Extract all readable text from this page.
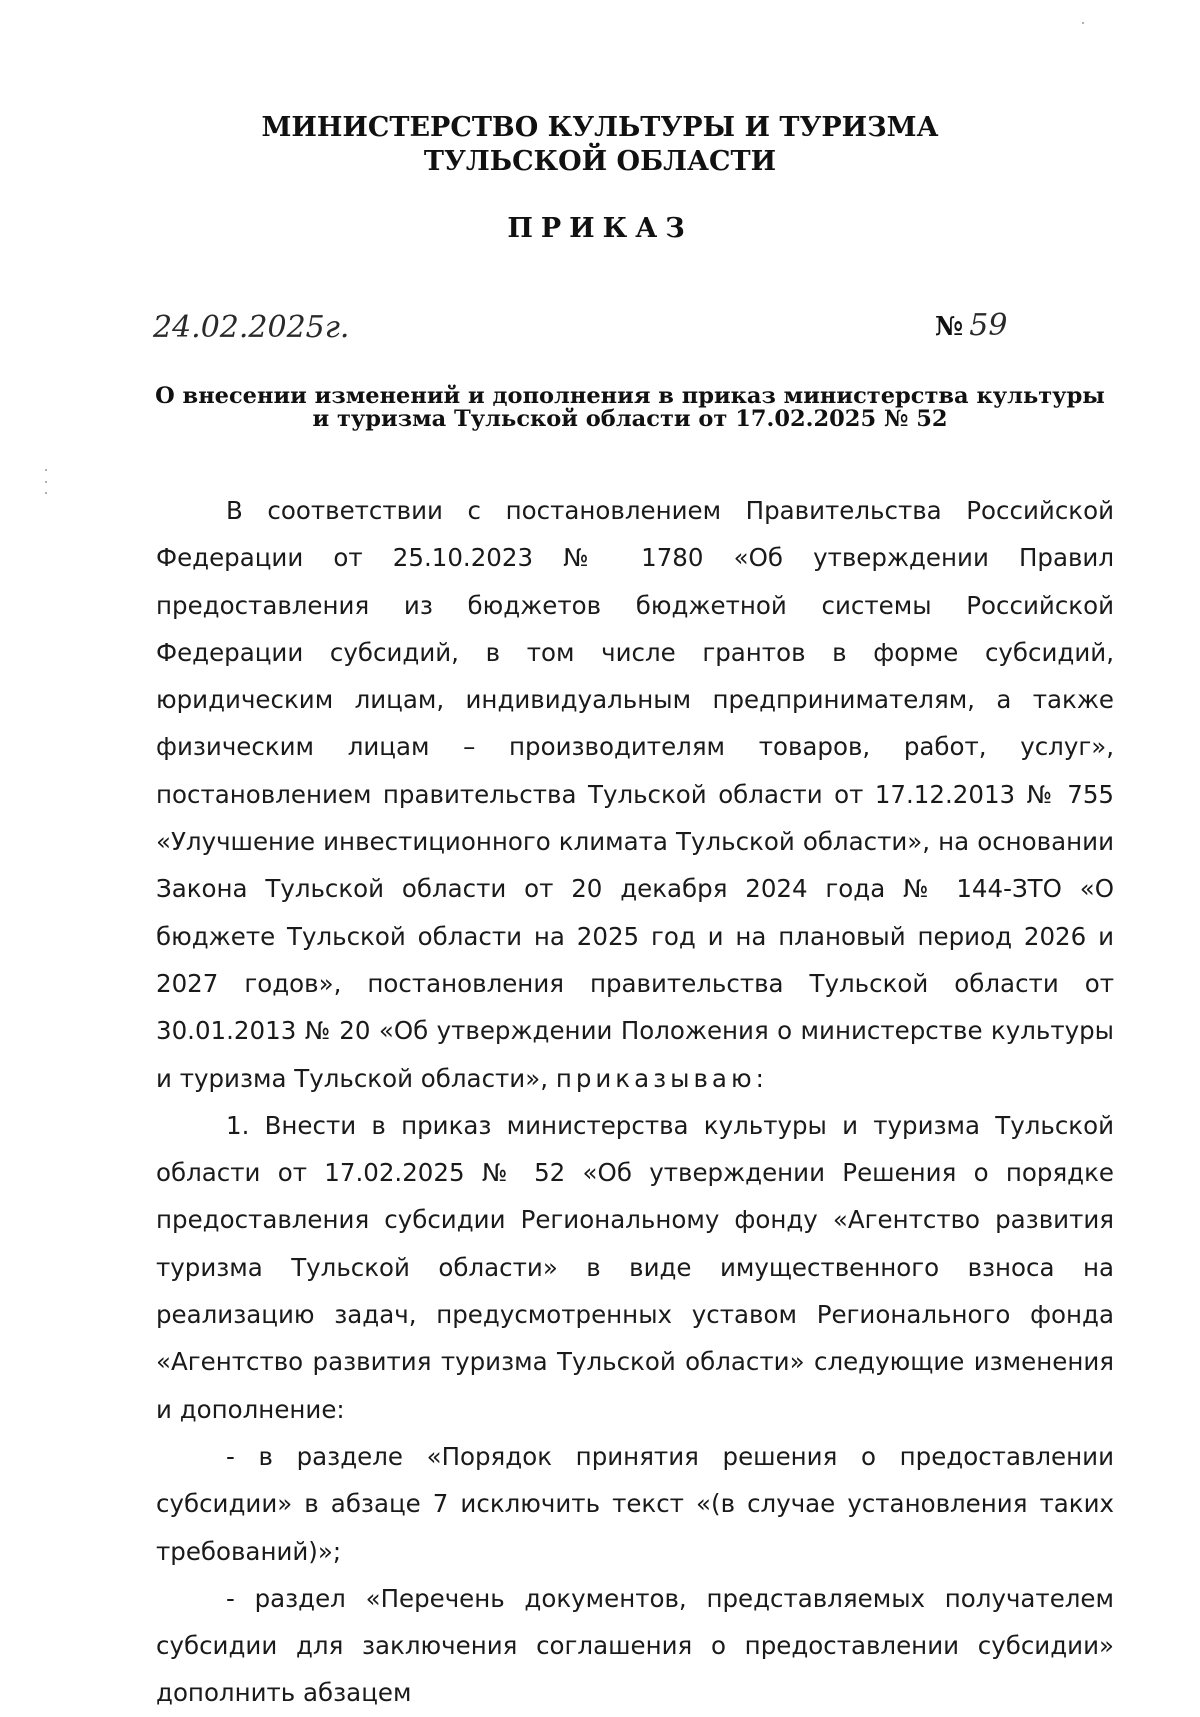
МИНИСТЕРСТВО КУЛЬТУРЫ И ТУРИЗМА
ТУЛЬСКОЙ ОБЛАСТИ
ПРИКАЗ
24.02.2025г.	№ 59
О внесении изменений и дополнения в приказ министерства культуры и туризма Тульской области от 17.02.2025 № 52

В соответствии с постановлением Правительства Российской Федерации от 25.10.2023 № 1780 «Об утверждении Правил предоставления из бюджетов бюджетной системы Российской Федерации субсидий, в том числе грантов в форме субсидий, юридическим лицам, индивидуальным предпринимателям, а также физическим лицам – производителям товаров, работ, услуг», постановлением правительства Тульской области от 17.12.2013 № 755 «Улучшение инвестиционного климата Тульской области», на основании Закона Тульской области от 20 декабря 2024 года № 144-ЗТО «О бюджете Тульской области на 2025 год и на плановый период 2026 и 2027 годов», постановления правительства Тульской области от 30.01.2013 № 20 «Об утверждении Положения о министерстве культуры и туризма Тульской области», приказываю:

1. Внести в приказ министерства культуры и туризма Тульской области от 17.02.2025 № 52 «Об утверждении Решения о порядке предоставления субсидии Региональному фонду «Агентство развития туризма Тульской области» в виде имущественного взноса на реализацию задач, предусмотренных уставом Регионального фонда «Агентство развития туризма Тульской области» следующие изменения и дополнение:

- в разделе «Порядок принятия решения о предоставлении субсидии» в абзаце 7 исключить текст «(в случае установления таких требований)»;

- раздел «Перечень документов, представляемых получателем субсидии для заключения соглашения о предоставлении субсидии» дополнить абзацем
